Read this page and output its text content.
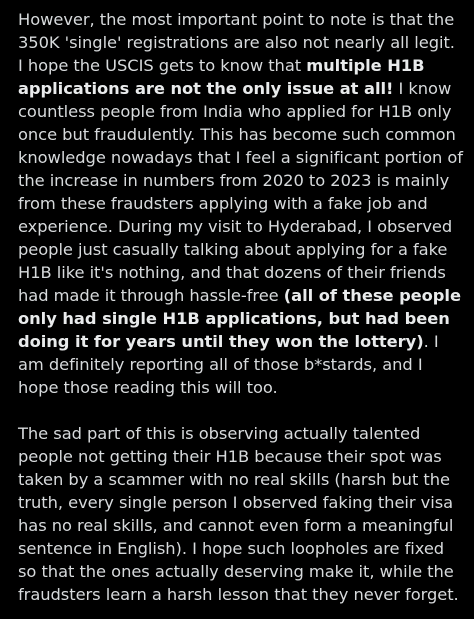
However, the most important point to note is that the 350K 'single' registrations are also not nearly all legit. I hope the USCIS gets to know that multiple H1B applications are not the only issue at all! I know countless people from India who applied for H1B only once but fraudulently. This has become such common knowledge nowadays that I feel a significant portion of the increase in numbers from 2020 to 2023 is mainly from these fraudsters applying with a fake job and experience. During my visit to Hyderabad, I observed people just casually talking about applying for a fake H1B like it's nothing, and that dozens of their friends had made it through hassle-free (all of these people only had single H1B applications, but had been doing it for years until they won the lottery). I am definitely reporting all of those b*stards, and I hope those reading this will too.

The sad part of this is observing actually talented people not getting their H1B because their spot was taken by a scammer with no real skills (harsh but the truth, every single person I observed faking their visa has no real skills, and cannot even form a meaningful sentence in English). I hope such loopholes are fixed so that the ones actually deserving make it, while the fraudsters learn a harsh lesson that they never forget.
